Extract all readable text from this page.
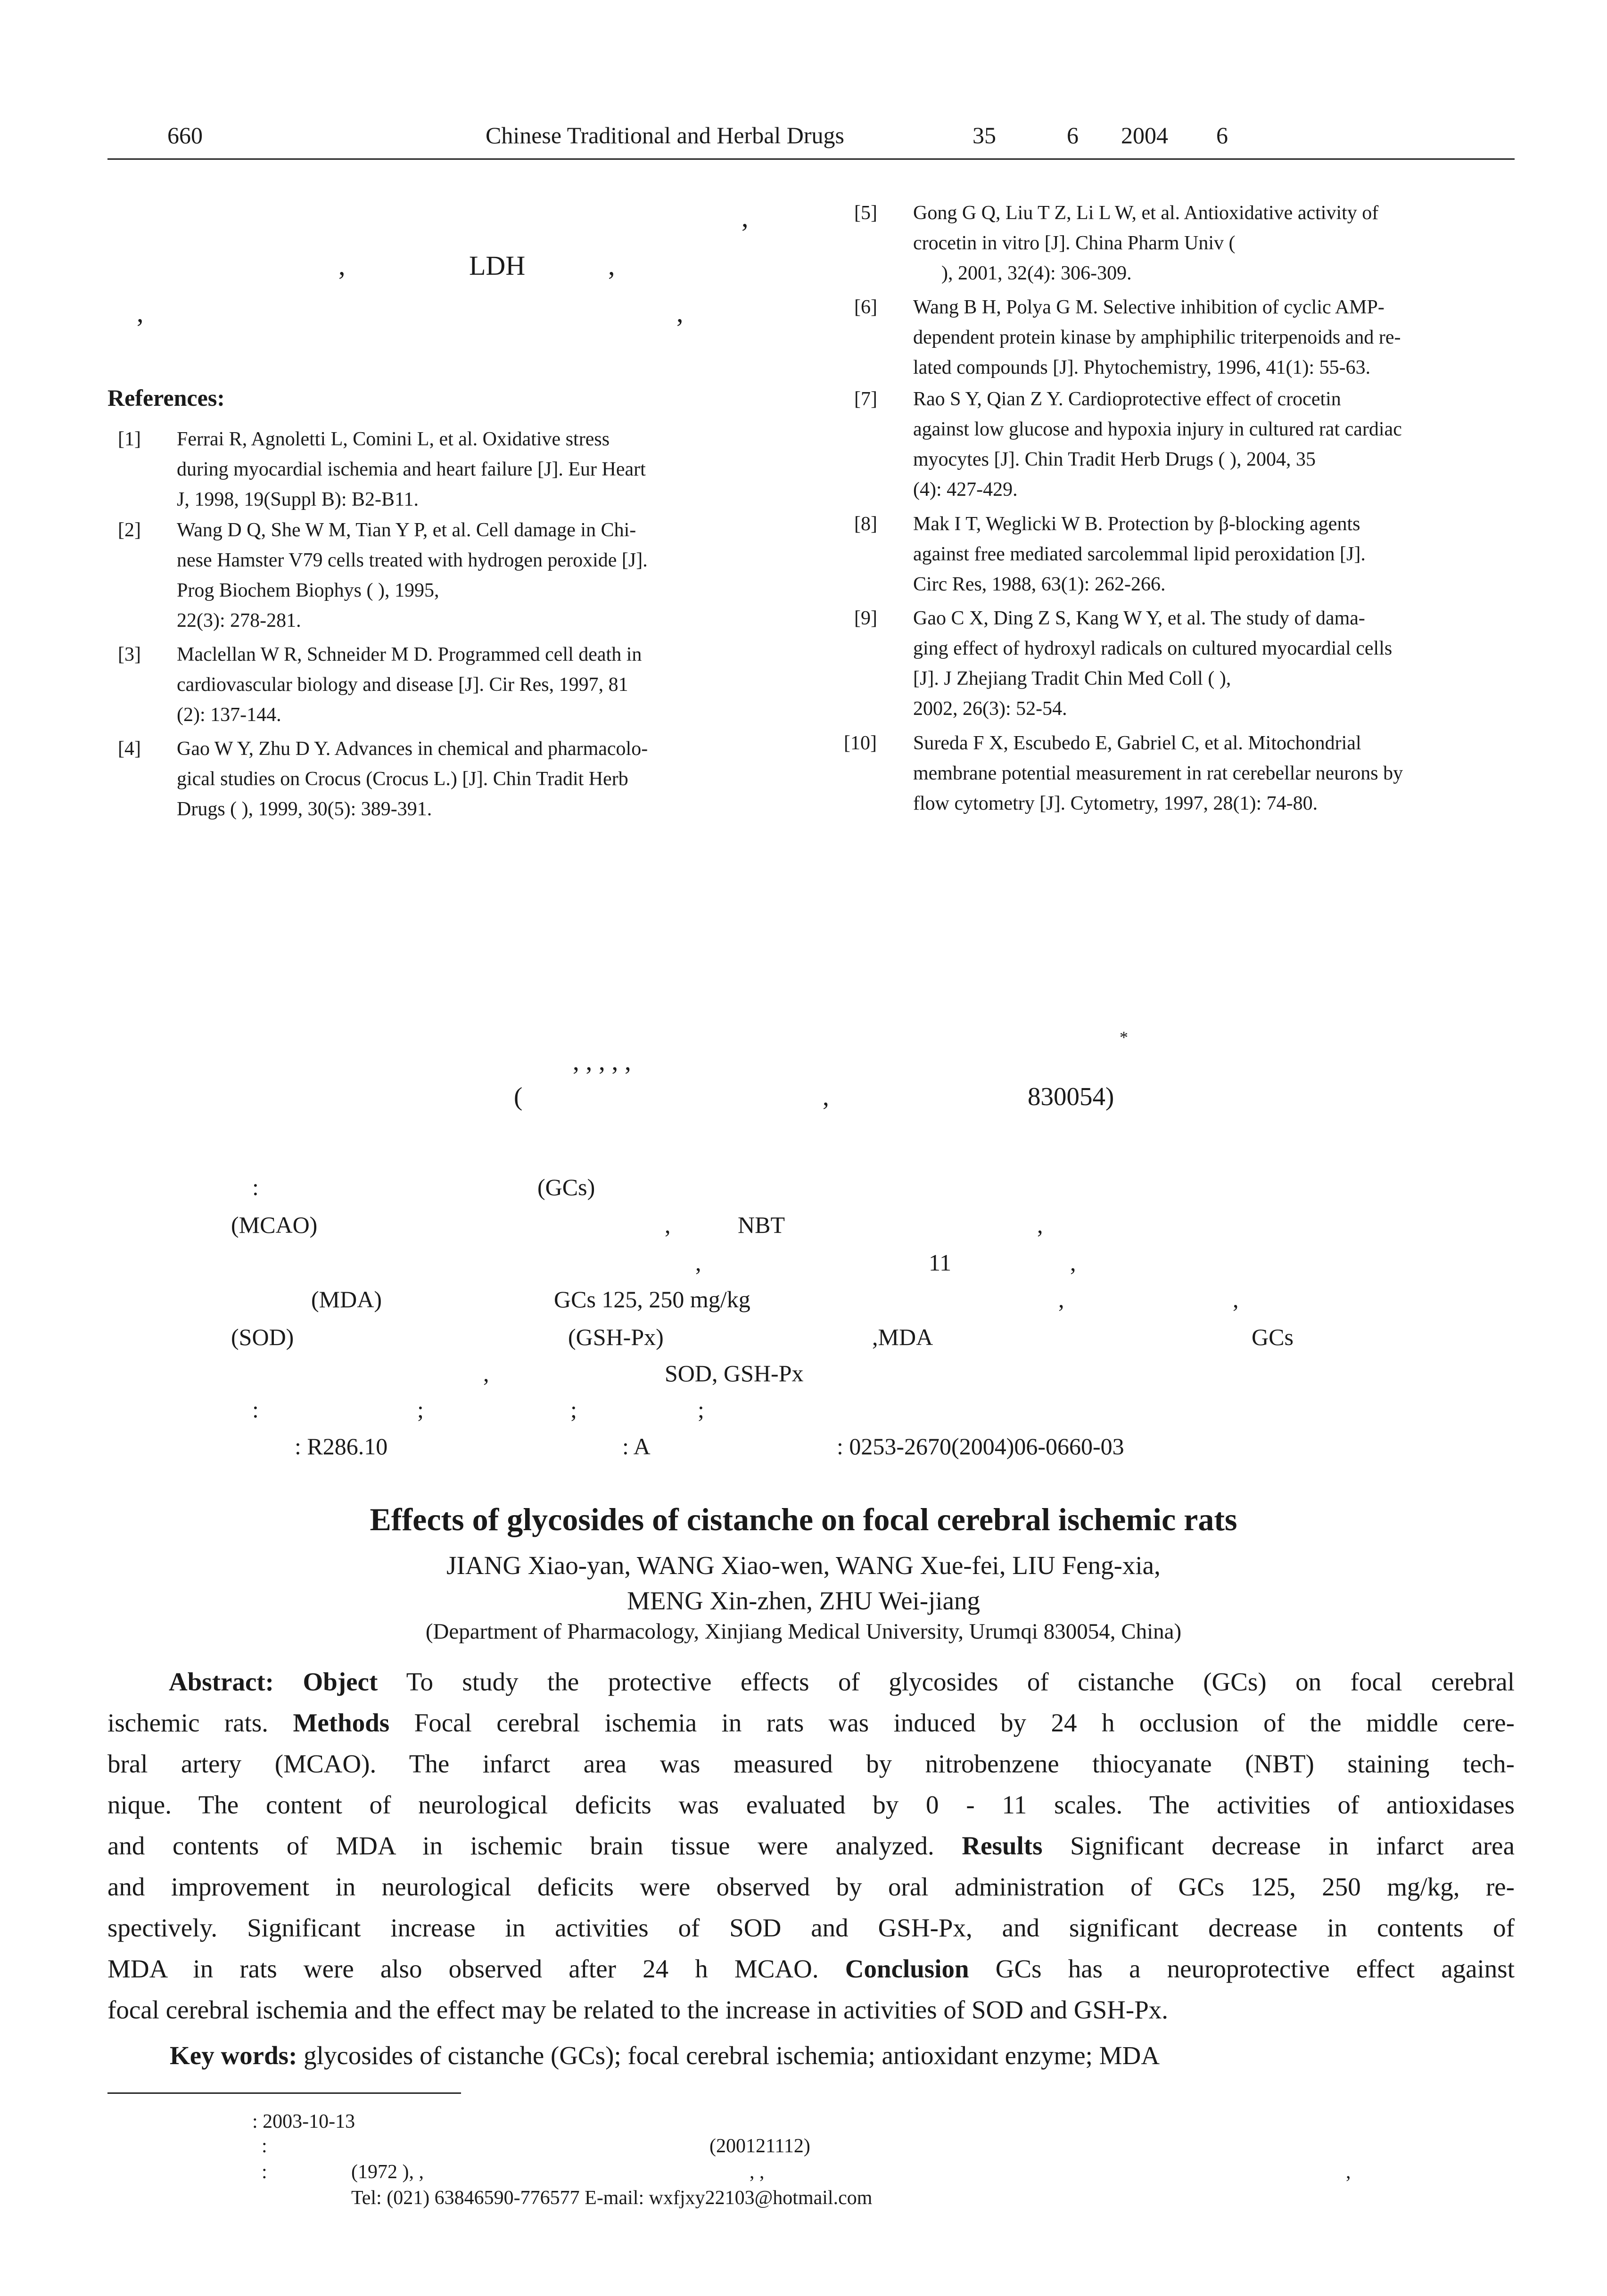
660	Chinese Traditional and Herbal Drugs	35	6 2004 6
,
,	LDH	,
,	,
References:
[1] Ferrai R, Agnoletti L, Comini L, et al. Oxidative stress
during myocardial ischemia and heart failure [J]. Eur Heart
J, 1998, 19(Suppl B): B2-B11.
[2] Wang D Q, She W M, Tian Y P, et al. Cell damage in Chi-
nese Hamster V79 cells treated with hydrogen peroxide [J].
Prog Biochem Biophys ( ), 1995,
22(3): 278-281.
[3] Maclellan W R, Schneider M D. Programmed cell death in
cardiovascular biology and disease [J]. Cir Res, 1997, 81
(2): 137-144.
[4] Gao W Y, Zhu D Y. Advances in chemical and pharmacolo-
gical studies on Crocus (Crocus L.) [J]. Chin Tradit Herb
Drugs ( ), 1999, 30(5): 389-391.
[5] Gong G Q, Liu T Z, Li L W, et al. Antioxidative activity of
crocetin in vitro [J]. China Pharm Univ (
), 2001, 32(4): 306-309.
[6] Wang B H, Polya G M. Selective inhibition of cyclic AMP-
dependent protein kinase by amphiphilic triterpenoids and re-
lated compounds [J]. Phytochemistry, 1996, 41(1): 55-63.
[7] Rao S Y, Qian Z Y. Cardioprotective effect of crocetin
against low glucose and hypoxia injury in cultured rat cardiac
myocytes [J]. Chin Tradit Herb Drugs ( ), 2004, 35
(4): 427-429.
[8] Mak I T, Weglicki W B. Protection by β-blocking agents
against free mediated sarcolemmal lipid peroxidation [J].
Circ Res, 1988, 63(1): 262-266.
[9] Gao C X, Ding Z S, Kang W Y, et al. The study of dama-
ging effect of hydroxyl radicals on cultured myocardial cells
[J]. J Zhejiang Tradit Chin Med Coll ( ),
2002, 26(3): 52-54.
[10] Sureda F X, Escubedo E, Gabriel C, et al. Mitochondrial
membrane potential measurement in rat cerebellar neurons by
flow cytometry [J]. Cytometry, 1997, 28(1): 74-80.
*
, , , , ,
(	,	830054)
:	(GCs)
(MCAO)	,	NBT	,
,	11	,
(MDA)	GCs 125, 250 mg/kg	,	,
(SOD)	(GSH-Px)	,MDA	GCs
,	SOD, GSH-Px
:	;	;	;
: R286.10	: A	: 0253-2670(2004)06-0660-03
Effects of glycosides of cistanche on focal cerebral ischemic rats
JIANG Xiao-yan, WANG Xiao-wen, WANG Xue-fei, LIU Feng-xia,
MENG Xin-zhen, ZHU Wei-jiang
(Department of Pharmacology, Xinjiang Medical University, Urumqi 830054, China)
Abstract: Object To study the protective effects of glycosides of cistanche (GCs) on focal cerebral
ischemic rats. Methods Focal cerebral ischemia in rats was induced by 24 h occlusion of the middle cere-
bral artery (MCAO). The infarct area was measured by nitrobenzene thiocyanate (NBT) staining tech-
nique. The content of neurological deficits was evaluated by 0 - 11 scales. The activities of antioxidases
and contents of MDA in ischemic brain tissue were analyzed. Results Significant decrease in infarct area
and improvement in neurological deficits were observed by oral administration of GCs 125, 250 mg/kg, re-
spectively. Significant increase in activities of SOD and GSH-Px, and significant decrease in contents of
MDA in rats were also observed after 24 h MCAO. Conclusion GCs has a neuroprotective effect against
focal cerebral ischemia and the effect may be related to the increase in activities of SOD and GSH-Px.
Key words: glycosides of cistanche (GCs); focal cerebral ischemia; antioxidant enzyme; MDA
: 2003-10-13
:	(200121112)
:	(1972 ), ,	, ,	,
Tel: (021) 63846590-776577 E-mail: wxfjxy22103@hotmail.com
